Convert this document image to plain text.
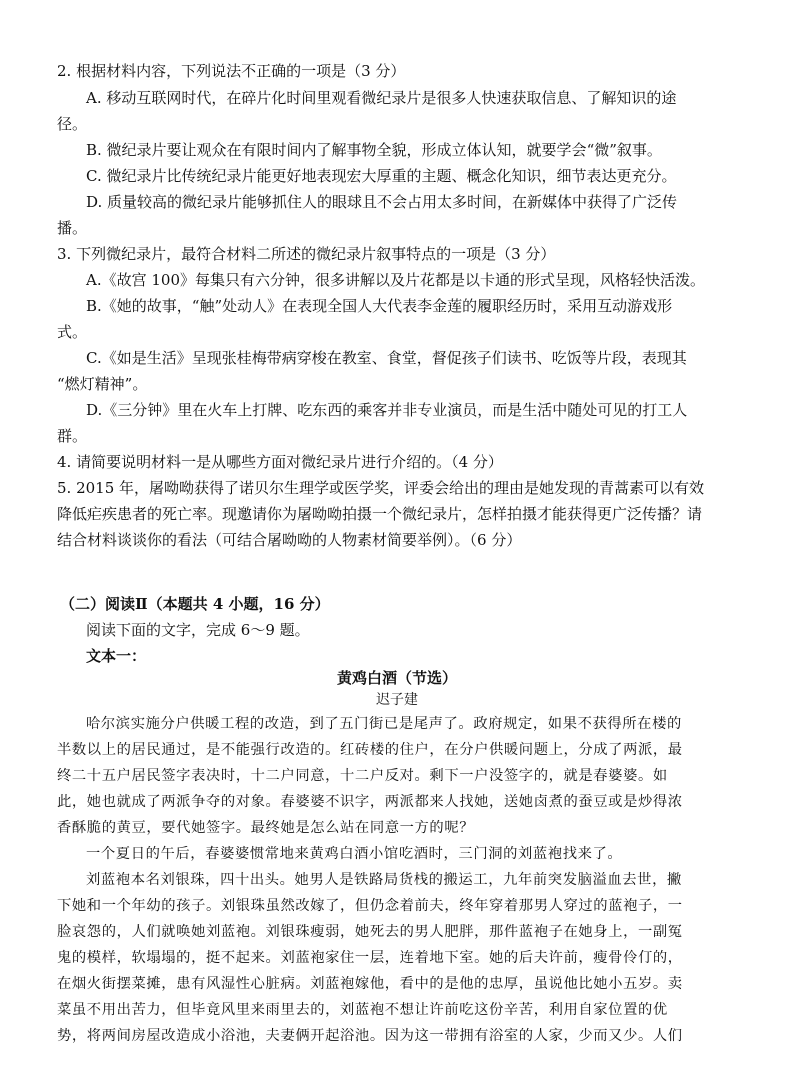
2. 根据材料内容，下列说法不正确的一项是（3 分）
A. 移动互联网时代，在碎片化时间里观看微纪录片是很多人快速获取信息、了解知识的途
径。
B. 微纪录片要让观众在有限时间内了解事物全貌，形成立体认知，就要学会“微”叙事。
C. 微纪录片比传统纪录片能更好地表现宏大厚重的主题、概念化知识，细节表达更充分。
D. 质量较高的微纪录片能够抓住人的眼球且不会占用太多时间，在新媒体中获得了广泛传
播。
3. 下列微纪录片，最符合材料二所述的微纪录片叙事特点的一项是（3 分）
A.《故宫 100》每集只有六分钟，很多讲解以及片花都是以卡通的形式呈现，风格轻快活泼。
B.《她的故事，“触”处动人》在表现全国人大代表李金莲的履职经历时，采用互动游戏形
式。
C.《如是生活》呈现张桂梅带病穿梭在教室、食堂，督促孩子们读书、吃饭等片段，表现其
“燃灯精神”。
D.《三分钟》里在火车上打牌、吃东西的乘客并非专业演员，而是生活中随处可见的打工人
群。
4. 请简要说明材料一是从哪些方面对微纪录片进行介绍的。（4 分）
5. 2015 年，屠呦呦获得了诺贝尔生理学或医学奖，评委会给出的理由是她发现的青蒿素可以有效
降低疟疾患者的死亡率。现邀请你为屠呦呦拍摄一个微纪录片，怎样拍摄才能获得更广泛传播？请
结合材料谈谈你的看法（可结合屠呦呦的人物素材简要举例）。（6 分）
（二）阅读Ⅱ（本题共 4 小题，16 分）
阅读下面的文字，完成 6～9 题。
文本一：
黄鸡白酒（节选）
迟子建
哈尔滨实施分户供暖工程的改造，到了五门街已是尾声了。政府规定，如果不获得所在楼的
半数以上的居民通过，是不能强行改造的。红砖楼的住户，在分户供暖问题上，分成了两派，最
终二十五户居民签字表决时，十二户同意，十二户反对。剩下一户没签字的，就是春婆婆。如
此，她也就成了两派争夺的对象。春婆婆不识字，两派都来人找她，送她卤煮的蚕豆或是炒得浓
香酥脆的黄豆，要代她签字。最终她是怎么站在同意一方的呢？
一个夏日的午后，春婆婆惯常地来黄鸡白酒小馆吃酒时，三门洞的刘蓝袍找来了。
刘蓝袍本名刘银珠，四十出头。她男人是铁路局货栈的搬运工，九年前突发脑溢血去世，撇
下她和一个年幼的孩子。刘银珠虽然改嫁了，但仍念着前夫，终年穿着那男人穿过的蓝袍子，一
脸哀怨的，人们就唤她刘蓝袍。刘银珠瘦弱，她死去的男人肥胖，那件蓝袍子在她身上，一副冤
鬼的模样，软塌塌的，挺不起来。刘蓝袍家住一层，连着地下室。她的后夫许前，瘦骨伶仃的，
在烟火街摆菜摊，患有风湿性心脏病。刘蓝袍嫁他，看中的是他的忠厚，虽说他比她小五岁。卖
菜虽不用出苦力，但毕竟风里来雨里去的，刘蓝袍不想让许前吃这份辛苦，利用自家位置的优
势，将两间房屋改造成小浴池，夫妻俩开起浴池。因为这一带拥有浴室的人家，少而又少。人们
